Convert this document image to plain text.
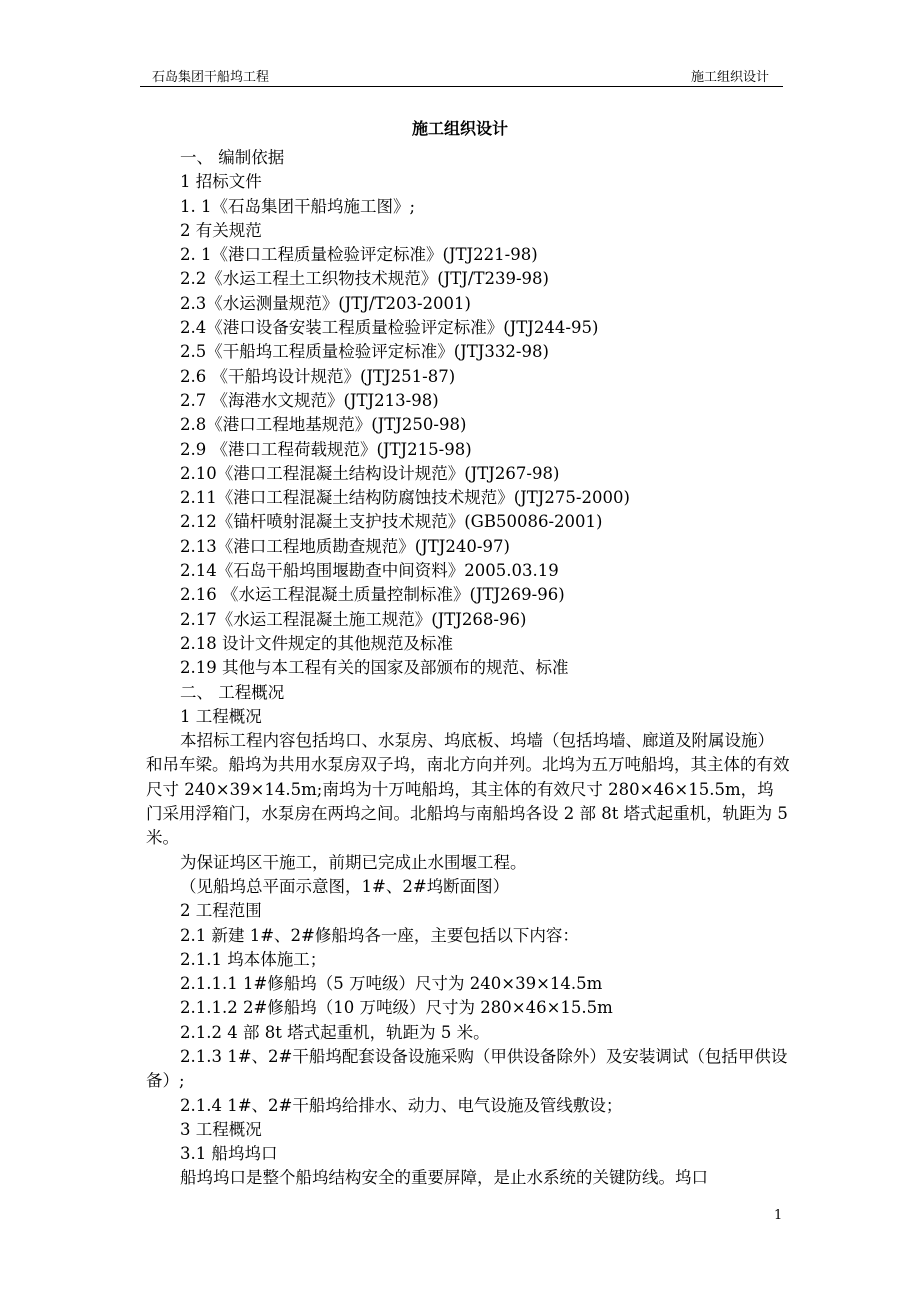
石岛集团干船坞工程	施工组织设计
施工组织设计
一、 编制依据
1 招标文件
1. 1《石岛集团干船坞施工图》;
2 有关规范
2. 1《港口工程质量检验评定标准》(JTJ221-98)
2.2《水运工程土工织物技术规范》(JTJ/T239-98)
2.3《水运测量规范》(JTJ/T203-2001)
2.4《港口设备安装工程质量检验评定标准》(JTJ244-95)
2.5《干船坞工程质量检验评定标准》(JTJ332-98)
2.6 《干船坞设计规范》(JTJ251-87)
2.7 《海港水文规范》(JTJ213-98)
2.8《港口工程地基规范》(JTJ250-98)
2.9 《港口工程荷载规范》(JTJ215-98)
2.10《港口工程混凝土结构设计规范》(JTJ267-98)
2.11《港口工程混凝土结构防腐蚀技术规范》(JTJ275-2000)
2.12《锚杆喷射混凝土支护技术规范》(GB50086-2001)
2.13《港口工程地质勘查规范》(JTJ240-97)
2.14《石岛干船坞围堰勘查中间资料》2005.03.19
2.16 《水运工程混凝土质量控制标准》(JTJ269-96)
2.17《水运工程混凝土施工规范》(JTJ268-96)
2.18 设计文件规定的其他规范及标准
2.19 其他与本工程有关的国家及部颁布的规范、标准
二、 工程概况
1 工程概况
本招标工程内容包括坞口、水泵房、坞底板、坞墙（包括坞墙、廊道及附属设施）和吊车梁。船坞为共用水泵房双子坞，南北方向并列。北坞为五万吨船坞，其主体的有效尺寸 240×39×14.5m;南坞为十万吨船坞，其主体的有效尺寸 280×46×15.5m，坞门采用浮箱门，水泵房在两坞之间。北船坞与南船坞各设 2 部 8t 塔式起重机，轨距为 5 米。
为保证坞区干施工，前期已完成止水围堰工程。
（见船坞总平面示意图，1#、2#坞断面图）
2 工程范围
2.1 新建 1#、2#修船坞各一座，主要包括以下内容：
2.1.1 坞本体施工；
2.1.1.1 1#修船坞（5 万吨级）尺寸为 240×39×14.5m
2.1.1.2 2#修船坞（10 万吨级）尺寸为 280×46×15.5m
2.1.2 4 部 8t 塔式起重机，轨距为 5 米。
2.1.3 1#、2#干船坞配套设备设施采购（甲供设备除外）及安装调试（包括甲供设备）;
2.1.4 1#、2#干船坞给排水、动力、电气设施及管线敷设；
3 工程概况
3.1 船坞坞口
船坞坞口是整个船坞结构安全的重要屏障，是止水系统的关键防线。坞口
1
